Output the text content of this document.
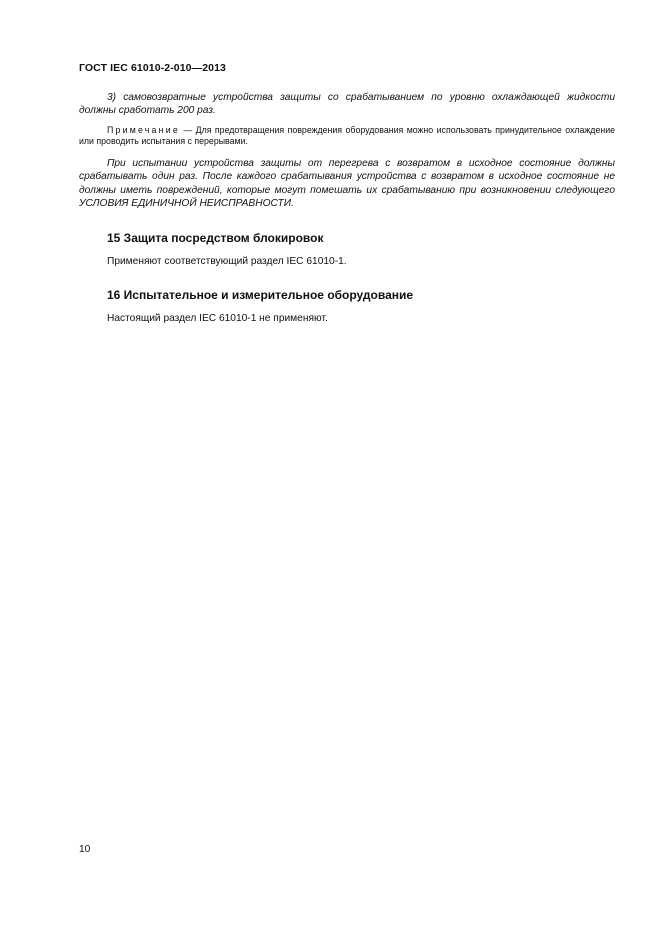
ГОСТ IEC 61010-2-010—2013

3) самовозвратные устройства защиты со срабатыванием по уровню охлаждающей жидкости должны сработать 200 раз.

Примечание — Для предотвращения повреждения оборудования можно использовать принудительное охлаждение или проводить испытания с перерывами.

При испытании устройства защиты от перегрева с возвратом в исходное состояние должны срабатывать один раз. После каждого срабатывания устройства с возвратом в исходное состояние не должны иметь повреждений, которые могут помешать их срабатыванию при возникновении следующего УСЛОВИЯ ЕДИНИЧНОЙ НЕИСПРАВНОСТИ.

15 Защита посредством блокировок

Применяют соответствующий раздел IEC 61010-1.

16 Испытательное и измерительное оборудование

Настоящий раздел IEC 61010-1 не применяют.

10
